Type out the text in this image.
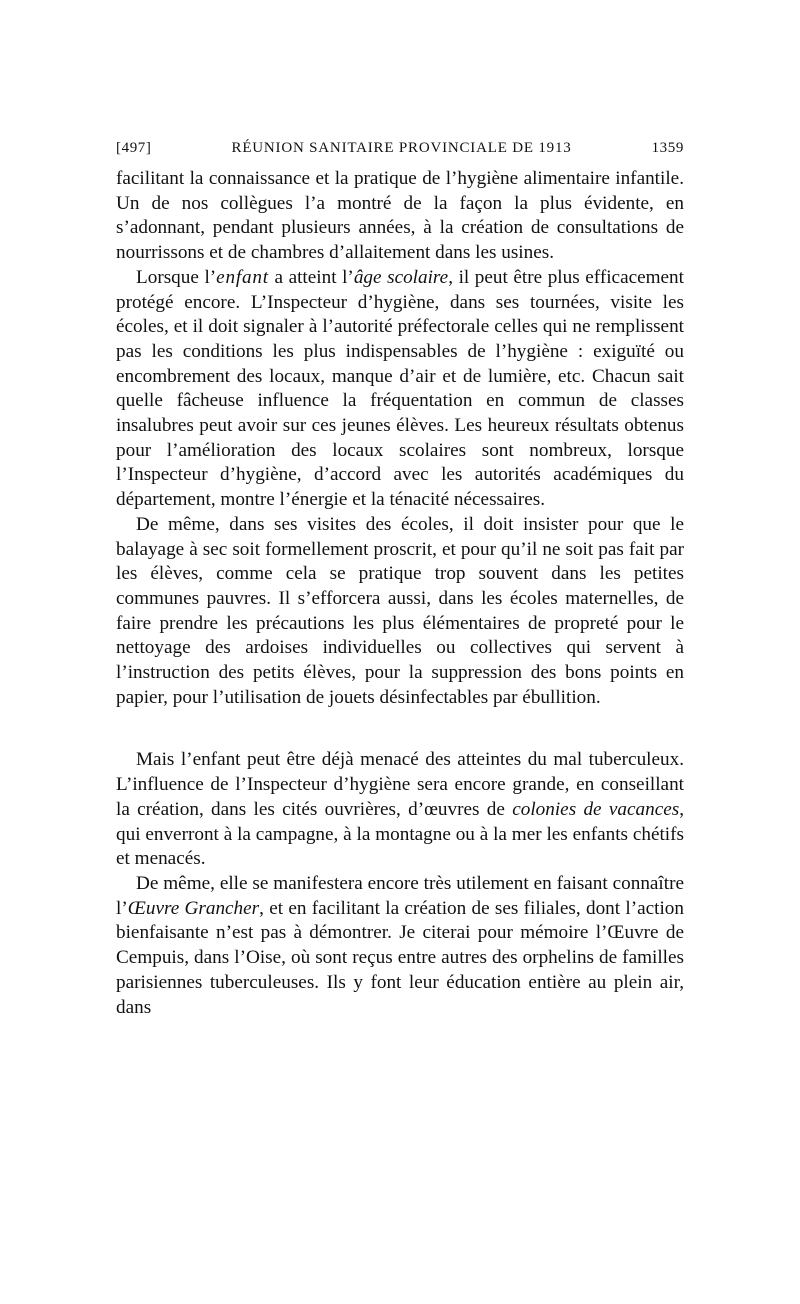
[497]	RÉUNION SANITAIRE PROVINCIALE DE 1913	1359

facilitant la connaissance et la pratique de l’hygiène alimentaire infantile. Un de nos collègues l’a montré de la façon la plus évidente, en s’adonnant, pendant plusieurs années, à la création de consultations de nourrissons et de chambres d’allaitement dans les usines.

Lorsque l’enfant a atteint l’âge scolaire, il peut être plus efficacement protégé encore. L’Inspecteur d’hygiène, dans ses tournées, visite les écoles, et il doit signaler à l’autorité préfectorale celles qui ne remplissent pas les conditions les plus indispensables de l’hygiène : exiguïté ou encombrement des locaux, manque d’air et de lumière, etc. Chacun sait quelle fâcheuse influence la fréquentation en commun de classes insalubres peut avoir sur ces jeunes élèves. Les heureux résultats obtenus pour l’amélioration des locaux scolaires sont nombreux, lorsque l’Inspecteur d’hygiène, d’accord avec les autorités académiques du département, montre l’énergie et la ténacité nécessaires.

De même, dans ses visites des écoles, il doit insister pour que le balayage à sec soit formellement proscrit, et pour qu’il ne soit pas fait par les élèves, comme cela se pratique trop souvent dans les petites communes pauvres. Il s’efforcera aussi, dans les écoles maternelles, de faire prendre les précautions les plus élémentaires de propreté pour le nettoyage des ardoises individuelles ou collectives qui servent à l’instruction des petits élèves, pour la suppression des bons points en papier, pour l’utilisation de jouets désinfectables par ébullition.

Mais l’enfant peut être déjà menacé des atteintes du mal tuberculeux. L’influence de l’Inspecteur d’hygiène sera encore grande, en conseillant la création, dans les cités ouvrières, d’œuvres de colonies de vacances, qui enverront à la campagne, à la montagne ou à la mer les enfants chétifs et menacés.

De même, elle se manifestera encore très utilement en faisant connaître l’Œuvre Grancher, et en facilitant la création de ses filiales, dont l’action bienfaisante n’est pas à démontrer. Je citerai pour mémoire l’Œuvre de Cempuis, dans l’Oise, où sont reçus entre autres des orphelins de familles parisiennes tuberculeuses. Ils y font leur éducation entière au plein air, dans
